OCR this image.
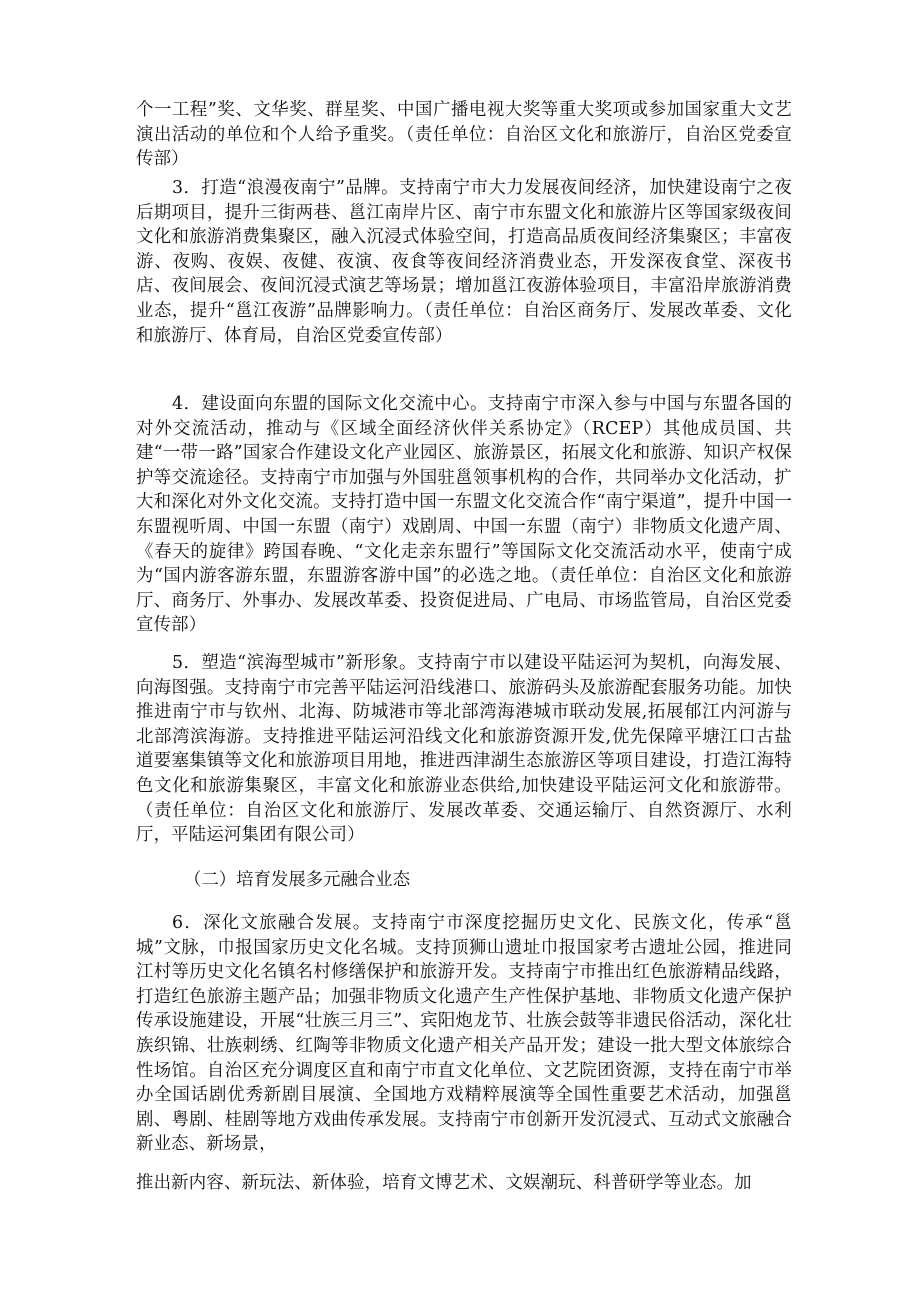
个一工程”奖、文华奖、群星奖、中国广播电视大奖等重大奖项或参加国家重大文艺演出活动的单位和个人给予重奖。（责任单位：自治区文化和旅游厅，自治区党委宣传部）

3．打造“浪漫夜南宁”品牌。支持南宁市大力发展夜间经济，加快建设南宁之夜后期项目，提升三街两巷、邕江南岸片区、南宁市东盟文化和旅游片区等国家级夜间文化和旅游消费集聚区，融入沉浸式体验空间，打造高品质夜间经济集聚区；丰富夜游、夜购、夜娱、夜健、夜演、夜食等夜间经济消费业态，开发深夜食堂、深夜书店、夜间展会、夜间沉浸式演艺等场景；增加邕江夜游体验项目，丰富沿岸旅游消费业态，提升“邕江夜游”品牌影响力。（责任单位：自治区商务厅、发展改革委、文化和旅游厅、体育局，自治区党委宣传部）

4．建设面向东盟的国际文化交流中心。支持南宁市深入参与中国与东盟各国的对外交流活动，推动与《区域全面经济伙伴关系协定》（RCEP）其他成员国、共建“一带一路”国家合作建设文化产业园区、旅游景区，拓展文化和旅游、知识产权保护等交流途径。支持南宁市加强与外国驻邕领事机构的合作，共同举办文化活动，扩大和深化对外文化交流。支持打造中国一东盟文化交流合作“南宁渠道”，提升中国一东盟视听周、中国一东盟（南宁）戏剧周、中国一东盟（南宁）非物质文化遗产周、《春天的旋律》跨国春晚、“文化走亲东盟行”等国际文化交流活动水平，使南宁成为“国内游客游东盟，东盟游客游中国”的必选之地。（责任单位：自治区文化和旅游厅、商务厅、外事办、发展改革委、投资促进局、广电局、市场监管局，自治区党委宣传部）

5．塑造“滨海型城市”新形象。支持南宁市以建设平陆运河为契机，向海发展、向海图强。支持南宁市完善平陆运河沿线港口、旅游码头及旅游配套服务功能。加快推进南宁市与钦州、北海、防城港市等北部湾海港城市联动发展,拓展郁江内河游与北部湾滨海游。支持推进平陆运河沿线文化和旅游资源开发,优先保障平塘江口古盐道要塞集镇等文化和旅游项目用地，推进西津湖生态旅游区等项目建设，打造江海特色文化和旅游集聚区，丰富文化和旅游业态供给,加快建设平陆运河文化和旅游带。（责任单位：自治区文化和旅游厅、发展改革委、交通运输厅、自然资源厅、水利厅，平陆运河集团有限公司）

（二）培育发展多元融合业态

6．深化文旅融合发展。支持南宁市深度挖掘历史文化、民族文化，传承“邕城”文脉，巾报国家历史文化名城。支持顶狮山遗址巾报国家考古遗址公园，推进同江村等历史文化名镇名村修缮保护和旅游开发。支持南宁市推出红色旅游精品线路，打造红色旅游主题产品；加强非物质文化遗产生产性保护基地、非物质文化遗产保护传承设施建设，开展“壮族三月三”、宾阳炮龙节、壮族会鼓等非遗民俗活动，深化壮族织锦、壮族刺绣、红陶等非物质文化遗产相关产品开发；建设一批大型文体旅综合性场馆。自治区充分调度区直和南宁市直文化单位、文艺院团资源，支持在南宁市举办全国话剧优秀新剧目展演、全国地方戏精粹展演等全国性重要艺术活动，加强邕剧、粤剧、桂剧等地方戏曲传承发展。支持南宁市创新开发沉浸式、互动式文旅融合新业态、新场景，

推出新内容、新玩法、新体验，培育文博艺术、文娱潮玩、科普研学等业态。加
